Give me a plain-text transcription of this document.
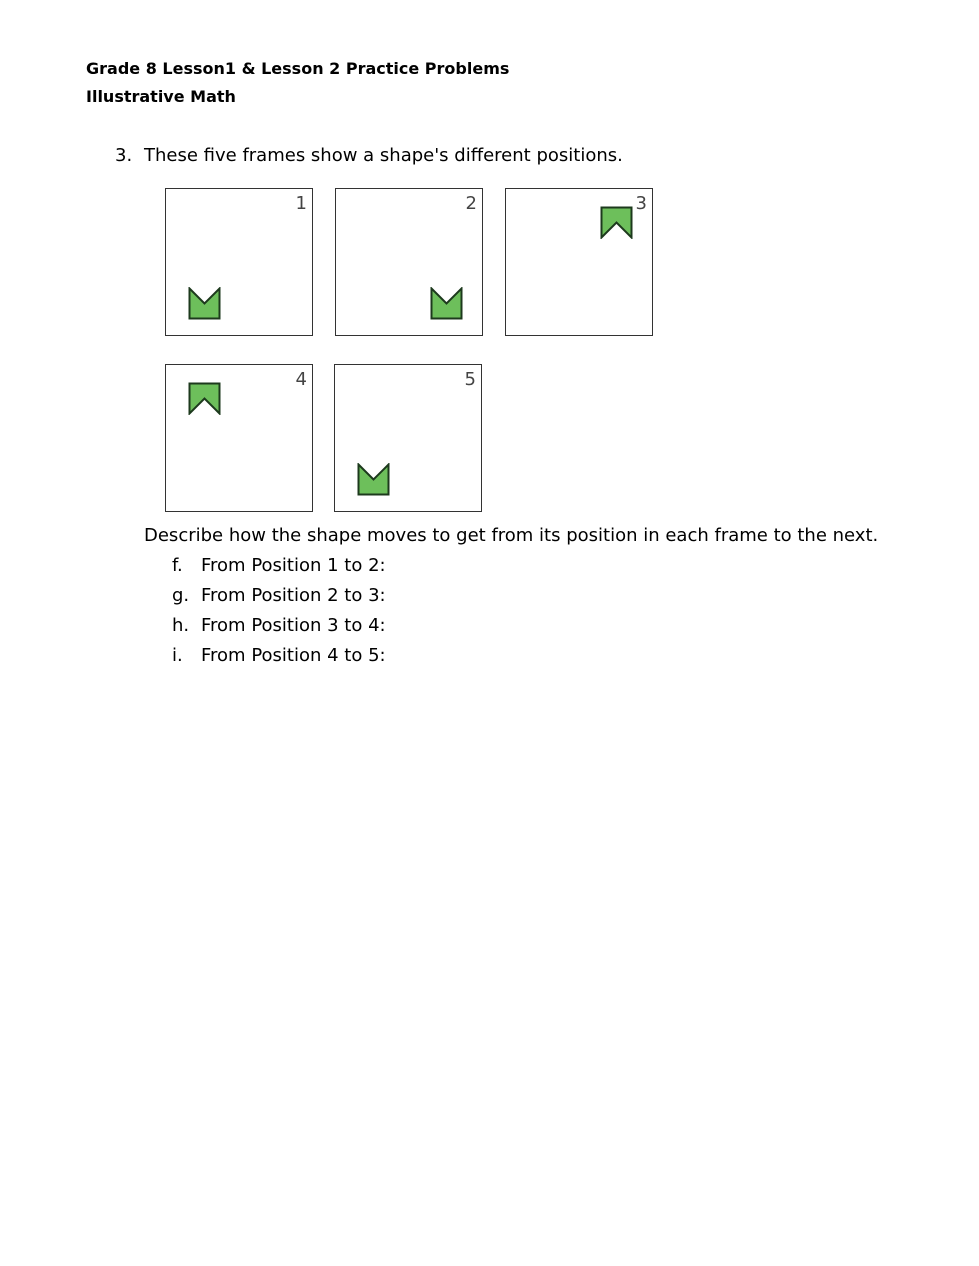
Grade 8 Lesson1 & Lesson 2 Practice Problems
Illustrative Math
3. These five frames show a shape's different positions.
1	2	3
4	5
Describe how the shape moves to get from its position in each frame to the next.
f. From Position 1 to 2:
g. From Position 2 to 3:
h. From Position 3 to 4:
i. From Position 4 to 5:
